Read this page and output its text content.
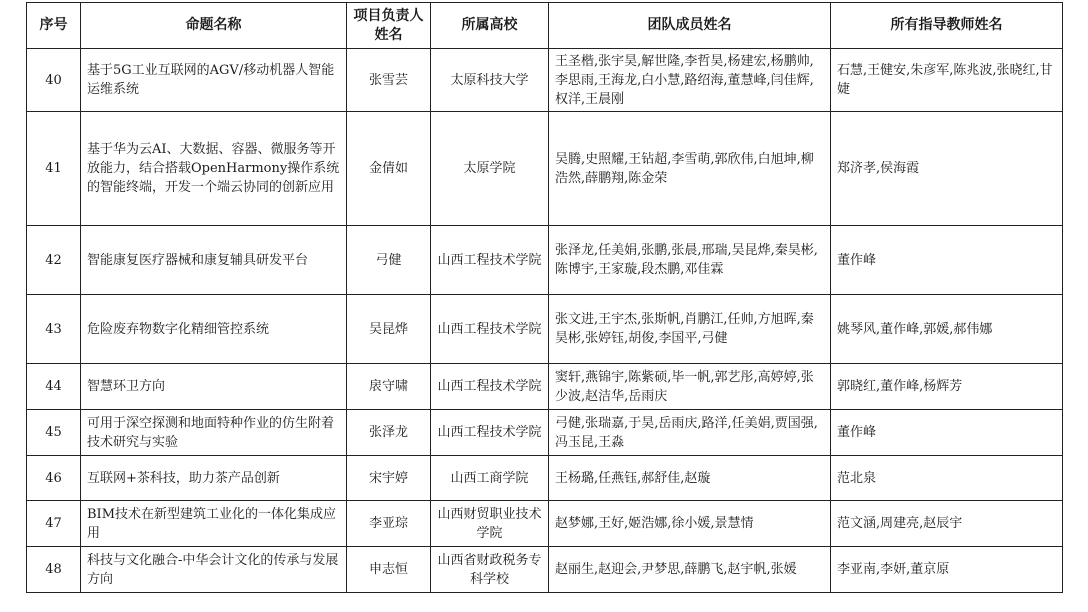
序号	命题名称	项目负责人姓名	所属高校	团队成员姓名	所有指导教师姓名
40	基于5G工业互联网的AGV/移动机器人智能运维系统	张雪芸	太原科技大学	王圣楷,张宇昊,解世隆,李哲昊,杨建宏,杨鹏帅,李思雨,王海龙,白小慧,路绍海,董慧峰,闫佳辉,权洋,王晨刚	石慧,王健安,朱彦军,陈兆波,张晓红,甘婕
41	基于华为云AI、大数据、容器、微服务等开放能力，结合搭载OpenHarmony操作系统的智能终端，开发一个端云协同的创新应用	金倩如	太原学院	吴腾,史照耀,王钻超,李雪萌,郭欣伟,白旭坤,柳浩然,薛鹏翔,陈金荣	郑济孝,侯海霞
42	智能康复医疗器械和康复辅具研发平台	弓健	山西工程技术学院	张泽龙,任美娟,张鹏,张晨,邢瑞,吴昆烨,秦昊彬,陈博宇,王家璇,段杰鹏,邓佳霖	董作峰
43	危险废弃物数字化精细管控系统	吴昆烨	山西工程技术学院	张文进,王宇杰,张斯帆,肖鹏江,任帅,方旭晖,秦昊彬,张婷钰,胡俊,李国平,弓健	姚琴风,董作峰,郭媛,郝伟娜
44	智慧环卫方向	扆守啸	山西工程技术学院	窦轩,燕锦宇,陈紫硕,毕一帆,郭艺彤,高婷婷,张少波,赵洁华,岳雨庆	郭晓红,董作峰,杨辉芳
45	可用于深空探测和地面特种作业的仿生附着技术研究与实验	张泽龙	山西工程技术学院	弓健,张瑞嘉,于昊,岳雨庆,路洋,任美娟,贾国强,冯玉昆,王淼	董作峰
46	互联网+茶科技，助力茶产品创新	宋宇婷	山西工商学院	王杨璐,任燕钰,郝舒佳,赵璇	范北泉
47	BIM技术在新型建筑工业化的一体化集成应用	李亚琮	山西财贸职业技术学院	赵梦娜,王好,姬浩娜,徐小媛,景慧情	范文涵,周建亮,赵辰宇
48	科技与文化融合-中华会计文化的传承与发展方向	申志恒	山西省财政税务专科学校	赵丽生,赵迎会,尹梦思,薛鹏飞,赵宇帆,张媛	李亚南,李妍,董京原
